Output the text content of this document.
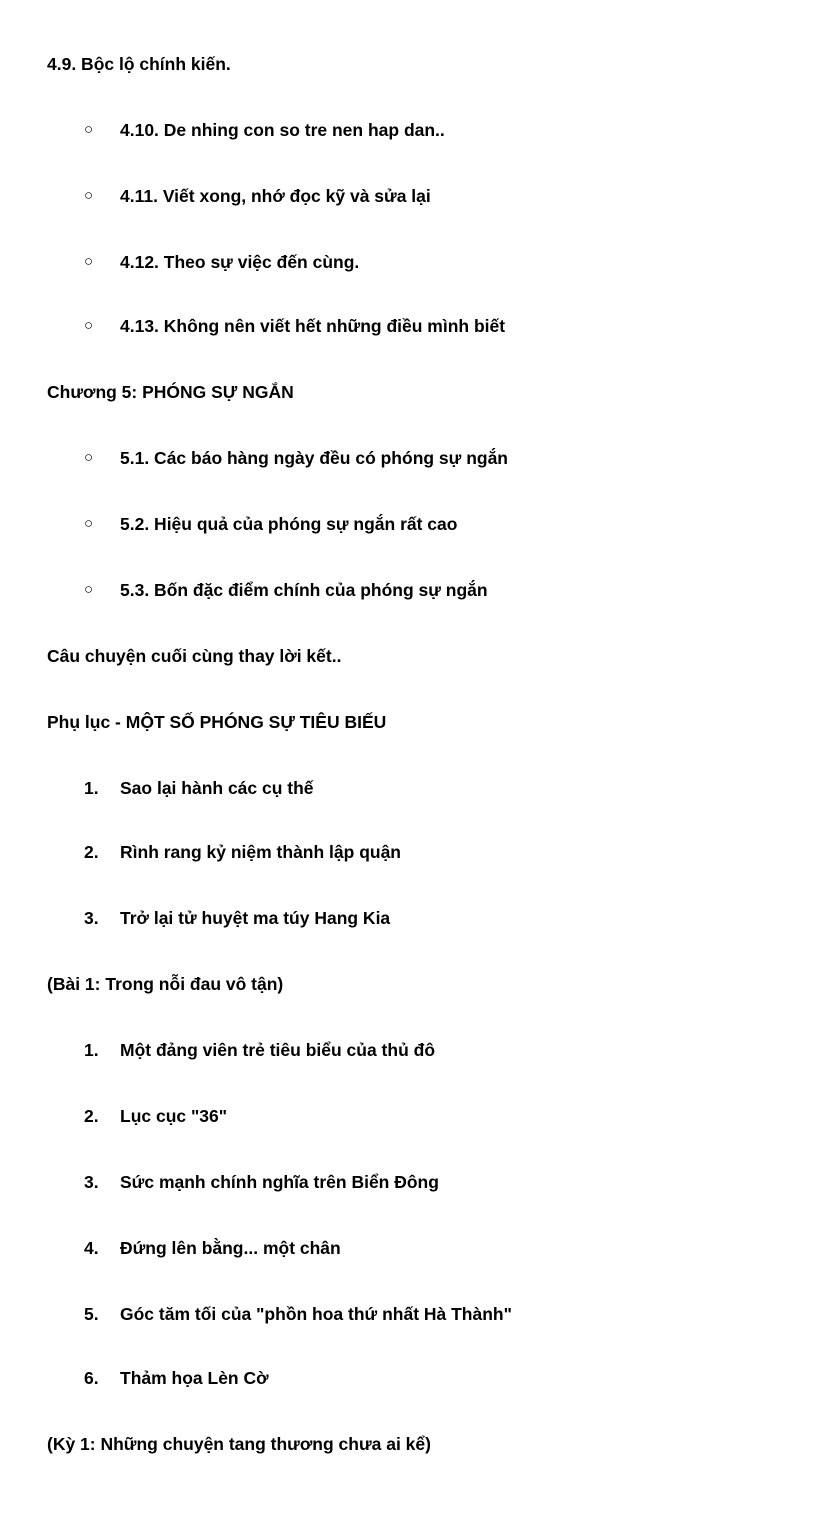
4.9. Bộc lộ chính kiến.
○ 4.10. De nhing con so tre nen hap dan..
○ 4.11. Viết xong, nhớ đọc kỹ và sửa lại
○ 4.12. Theo sự việc đến cùng.
○ 4.13. Không nên viết hết những điều mình biết
Chương 5: PHÓNG SỰ NGẮN
○ 5.1. Các báo hàng ngày đều có phóng sự ngắn
○ 5.2. Hiệu quả của phóng sự ngắn rất cao
○ 5.3. Bốn đặc điểm chính của phóng sự ngắn
Câu chuyện cuối cùng thay lời kết..
Phụ lục - MỘT SỐ PHÓNG SỰ TIÊU BIẾU
1. Sao lại hành các cụ thế
2. Rình rang kỷ niệm thành lập quận
3. Trở lại tử huyệt ma túy Hang Kia
(Bài 1: Trong nỗi đau vô tận)
1. Một đảng viên trẻ tiêu biểu của thủ đô
2. Lục cục "36"
3. Sức mạnh chính nghĩa trên Biển Đông
4. Đứng lên bằng... một chân
5. Góc tăm tối của "phồn hoa thứ nhất Hà Thành"
6. Thảm họa Lèn Cờ
(Kỳ 1: Những chuyện tang thương chưa ai kể)
